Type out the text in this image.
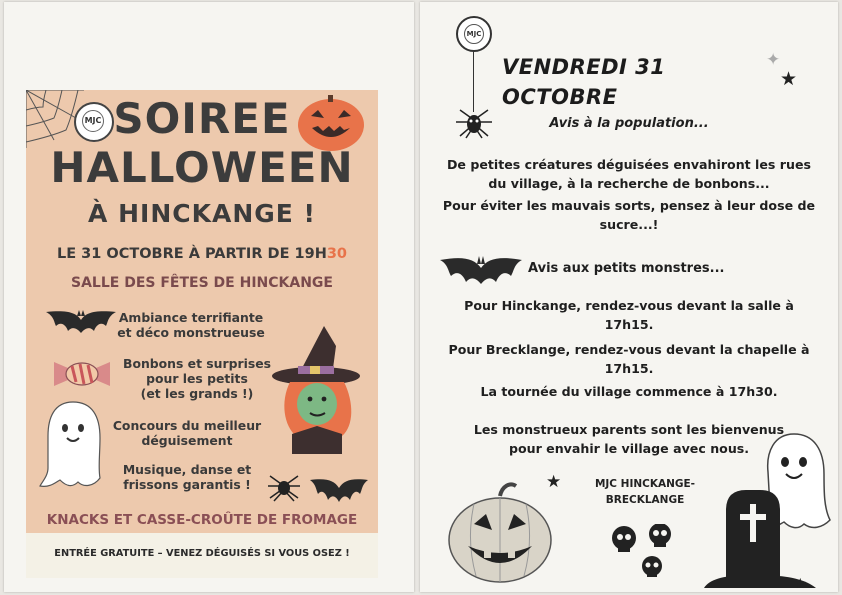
MJC SOIREE
HALLOWEEN
À HINCKANGE !
LE 31 OCTOBRE À PARTIR DE 19H30
SALLE DES FÊTES DE HINCKANGE
Ambiance terrifiante
et déco monstrueuse
Bonbons et surprises
pour les petits
(et les grands !)
Concours du meilleur
déguisement
Musique, danse et
frissons garantis !
KNACKS ET CASSE-CROÛTE DE FROMAGE
ENTRÉE GRATUITE – VENEZ DÉGUISÉS SI VOUS OSEZ !
MJC
✦
★
VENDREDI 31 OCTOBRE
Avis à la population...
De petites créatures déguisées envahiront les rues
du village, à la recherche de bonbons...
Pour éviter les mauvais sorts, pensez à leur dose de
sucre...!
Avis aux petits monstres...
Pour Hinckange, rendez-vous devant la salle à
17h15.
Pour Brecklange, rendez-vous devant la chapelle à
17h15.
La tournée du village commence à 17h30.
Les monstrueux parents sont les bienvenus
pour envahir le village avec nous.
MJC HINCKANGE-
BRECKLANGE
★
★
